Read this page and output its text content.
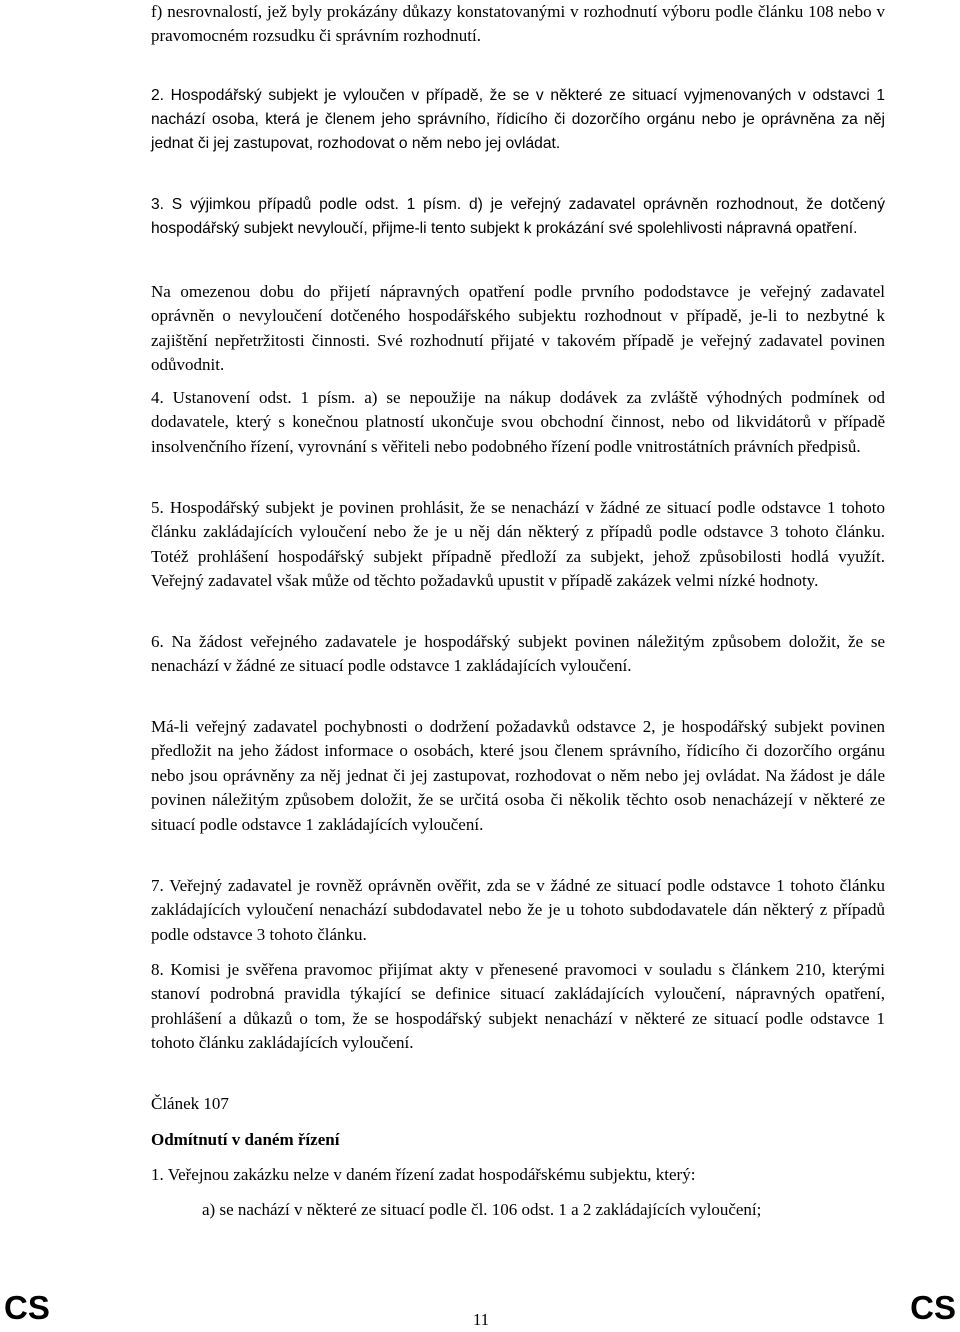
f) nesrovnalostí, jež byly prokázány důkazy konstatovanými v rozhodnutí výboru podle článku 108 nebo v pravomocném rozsudku či správním rozhodnutí.

2. Hospodářský subjekt je vyloučen v případě, že se v některé ze situací vyjmenovaných v odstavci 1 nachází osoba, která je členem jeho správního, řídicího či dozorčího orgánu nebo je oprávněna za něj jednat či jej zastupovat, rozhodovat o něm nebo jej ovládat.

3. S výjimkou případů podle odst. 1 písm. d) je veřejný zadavatel oprávněn rozhodnout, že dotčený hospodářský subjekt nevyloučí, přijme-li tento subjekt k prokázání své spolehlivosti nápravná opatření.

Na omezenou dobu do přijetí nápravných opatření podle prvního pododstavce je veřejný zadavatel oprávněn o nevyloučení dotčeného hospodářského subjektu rozhodnout v případě, je-li to nezbytné k zajištění nepřetržitosti činnosti. Své rozhodnutí přijaté v takovém případě je veřejný zadavatel povinen odůvodnit.

4. Ustanovení odst. 1 písm. a) se nepoužije na nákup dodávek za zvláště výhodných podmínek od dodavatele, který s konečnou platností ukončuje svou obchodní činnost, nebo od likvidátorů v případě insolvenčního řízení, vyrovnání s věřiteli nebo podobného řízení podle vnitrostátních právních předpisů.

5. Hospodářský subjekt je povinen prohlásit, že se nenachází v žádné ze situací podle odstavce 1 tohoto článku zakládajících vyloučení nebo že je u něj dán některý z případů podle odstavce 3 tohoto článku. Totéž prohlášení hospodářský subjekt případně předloží za subjekt, jehož způsobilosti hodlá využít. Veřejný zadavatel však může od těchto požadavků upustit v případě zakázek velmi nízké hodnoty.

6. Na žádost veřejného zadavatele je hospodářský subjekt povinen náležitým způsobem doložit, že se nenachází v žádné ze situací podle odstavce 1 zakládajících vyloučení.

Má-li veřejný zadavatel pochybnosti o dodržení požadavků odstavce 2, je hospodářský subjekt povinen předložit na jeho žádost informace o osobách, které jsou členem správního, řídicího či dozorčího orgánu nebo jsou oprávněny za něj jednat či jej zastupovat, rozhodovat o něm nebo jej ovládat. Na žádost je dále povinen náležitým způsobem doložit, že se určitá osoba či několik těchto osob nenacházejí v některé ze situací podle odstavce 1 zakládajících vyloučení.

7. Veřejný zadavatel je rovněž oprávněn ověřit, zda se v žádné ze situací podle odstavce 1 tohoto článku zakládajících vyloučení nenachází subdodavatel nebo že je u tohoto subdodavatele dán některý z případů podle odstavce 3 tohoto článku.

8. Komisi je svěřena pravomoc přijímat akty v přenesené pravomoci v souladu s článkem 210, kterými stanoví podrobná pravidla týkající se definice situací zakládajících vyloučení, nápravných opatření, prohlášení a důkazů o tom, že se hospodářský subjekt nenachází v některé ze situací podle odstavce 1 tohoto článku zakládajících vyloučení.

Článek 107

Odmítnutí v daném řízení

1. Veřejnou zakázku nelze v daném řízení zadat hospodářskému subjektu, který:

a) se nachází v některé ze situací podle čl. 106 odst. 1 a 2 zakládajících vyloučení;

CS	11	CS
